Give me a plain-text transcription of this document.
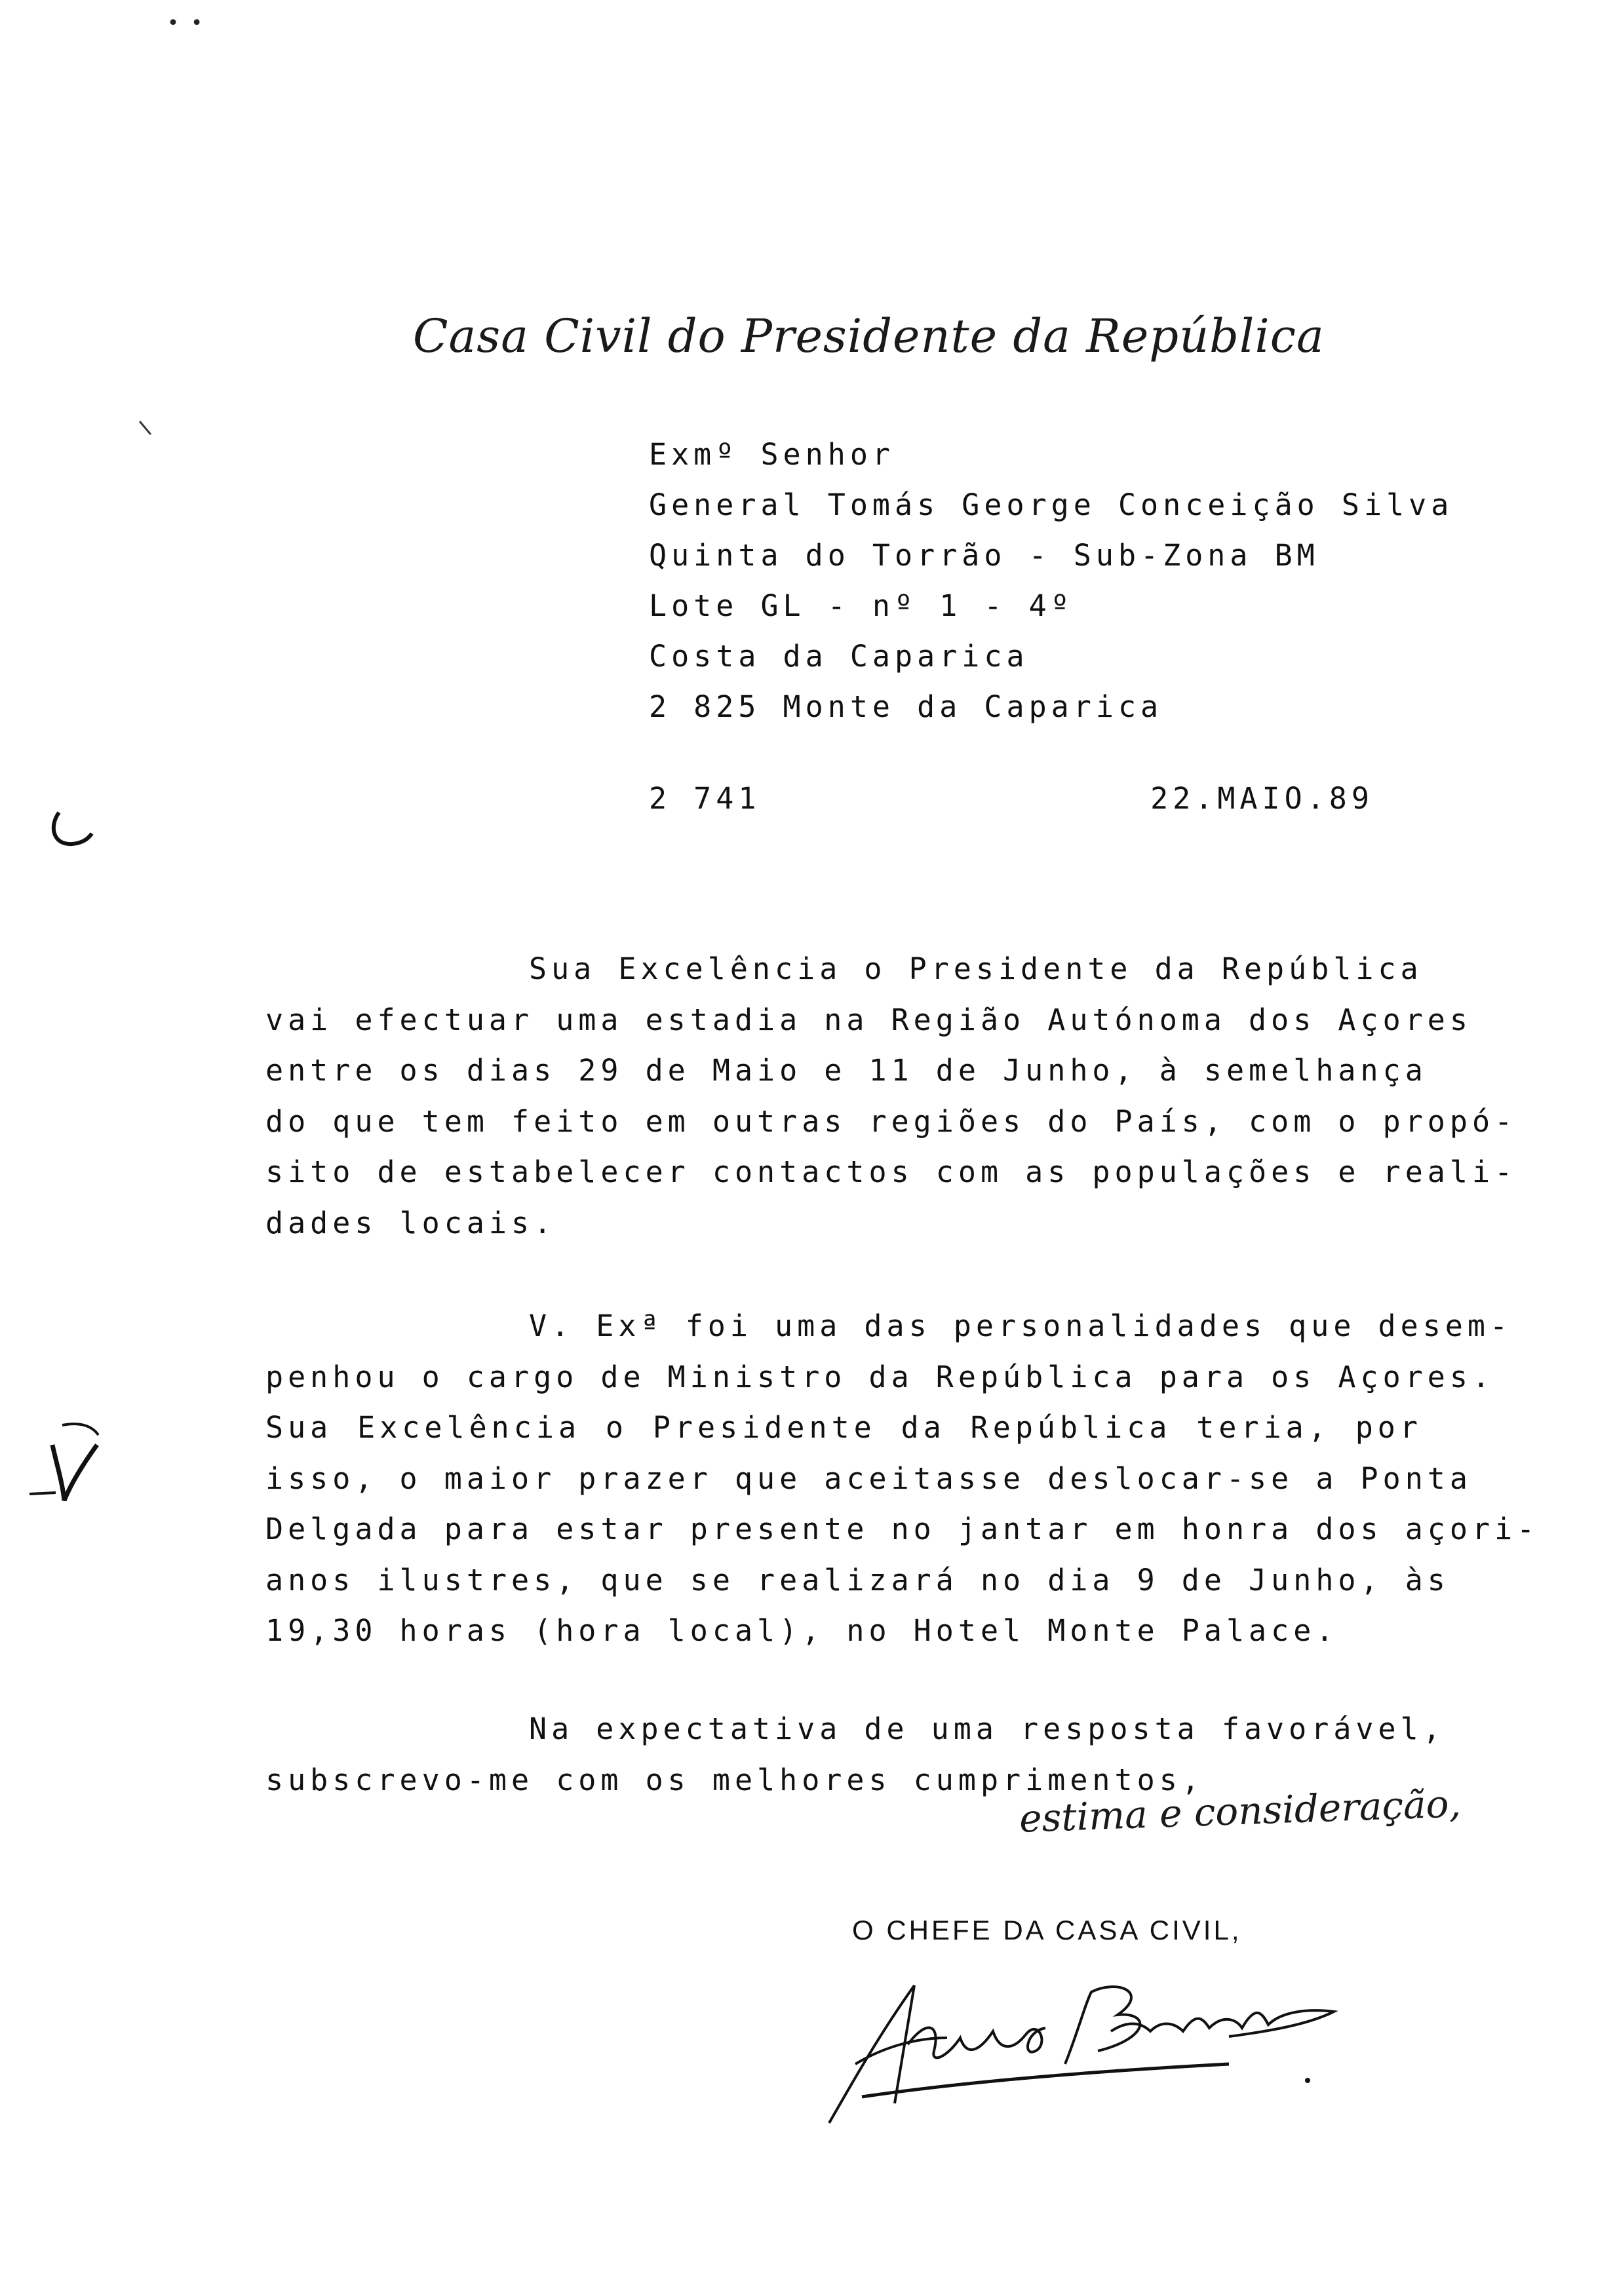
• •
Casa Civil do Presidente da República
Exmº Senhor
General Tomás George Conceição Silva
Quinta do Torrão - Sub-Zona BM
Lote GL - nº 1 - 4º
Costa da Caparica
2 825 Monte da Caparica
2 741	22.MAIO.89
Sua Excelência o Presidente da República
vai efectuar uma estadia na Região Autónoma dos Açores
entre os dias 29 de Maio e 11 de Junho, à semelhança
do que tem feito em outras regiões do País, com o propó-
sito de estabelecer contactos com as populações e reali-
dades locais.
V. Exª foi uma das personalidades que desem-
penhou o cargo de Ministro da República para os Açores.
Sua Excelência o Presidente da República teria, por
isso, o maior prazer que aceitasse deslocar-se a Ponta
Delgada para estar presente no jantar em honra dos açori-
anos ilustres, que se realizará no dia 9 de Junho, às
19,30 horas (hora local), no Hotel Monte Palace.
Na expectativa de uma resposta favorável,
subscrevo-me com os melhores cumprimentos,
estima e consideração,
O CHEFE DA CASA CIVIL,
